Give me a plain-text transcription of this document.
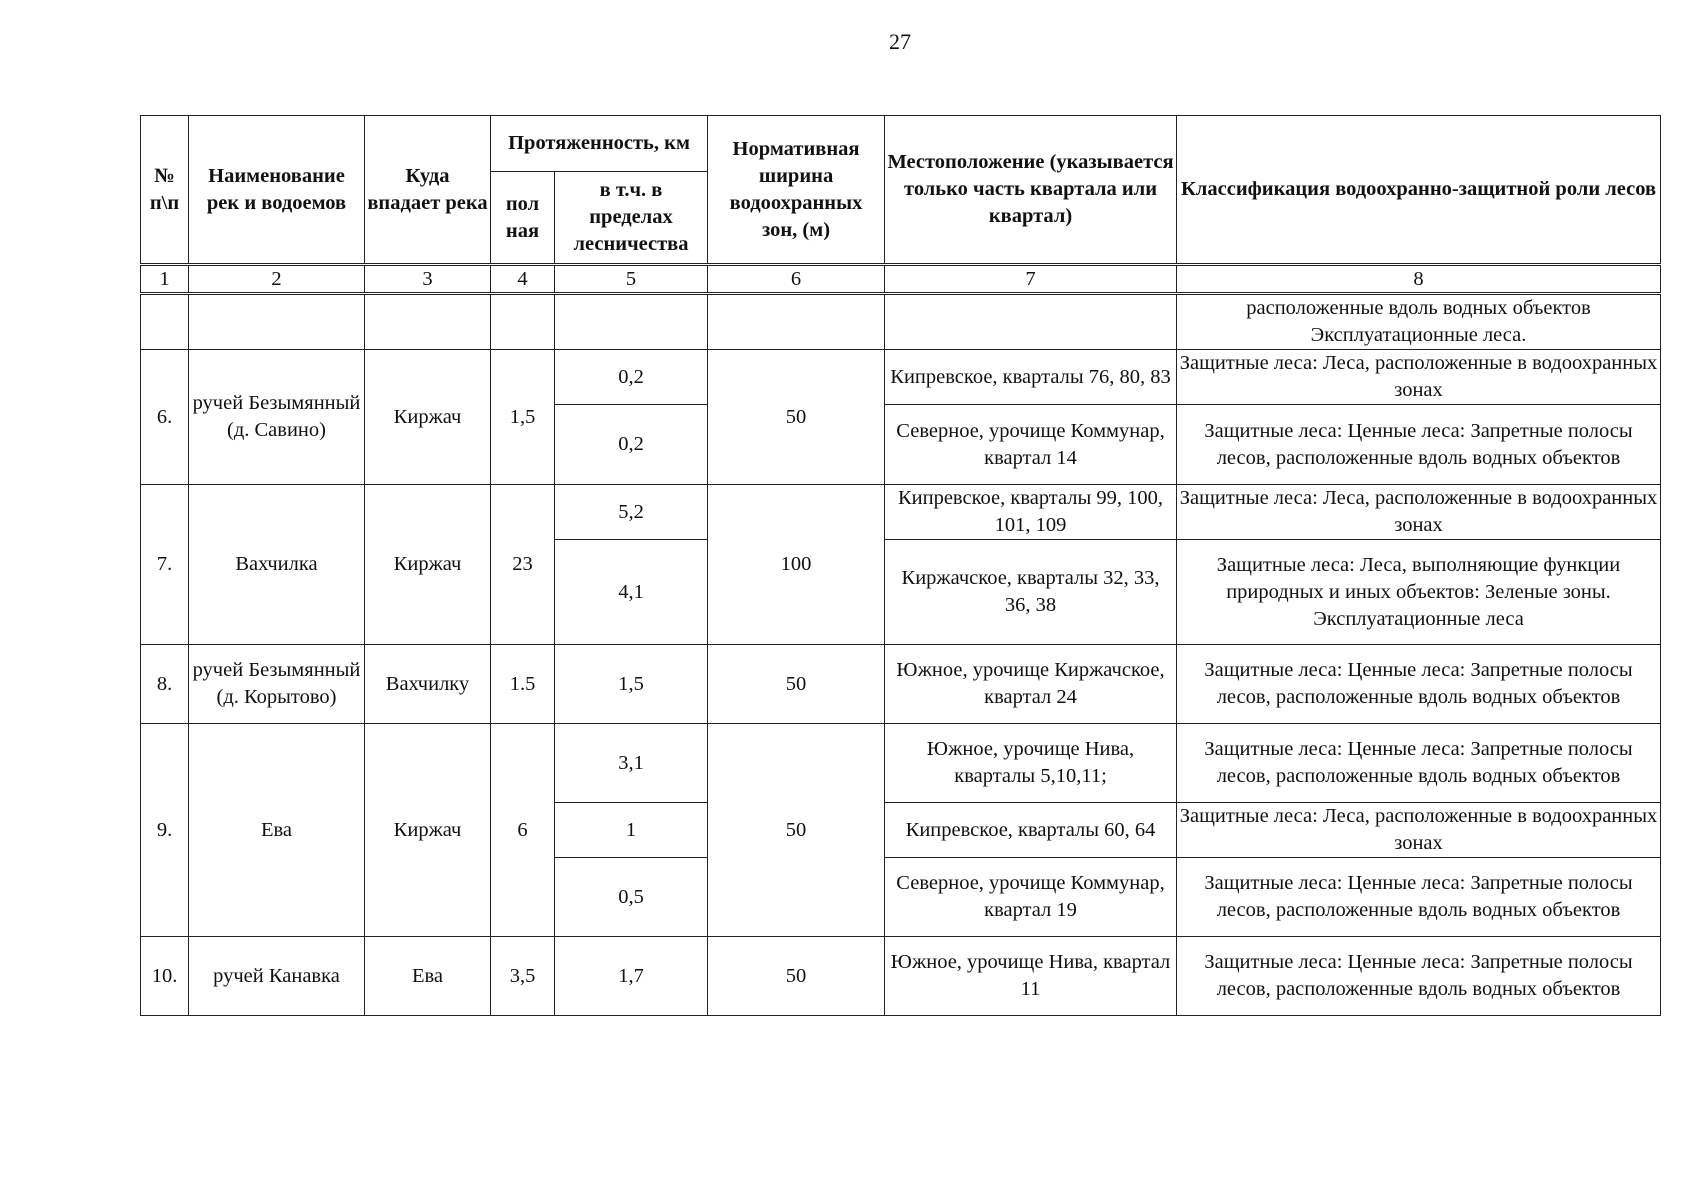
27
№ п\п	Наименование рек и водоемов	Куда впадает река	Протяженность, км		Нормативная ширина водоохранных зон, (м)	Местоположение (указывается только часть квартала или квартал)	Классификация водоохранно-защитной роли лесов
			пол ная	в т.ч. в пределах лесничества			
1	2	3	4	5	6	7	8
							расположенные вдоль водных объектов Эксплуатационные леса.
6.	ручей Безымянный (д. Савино)	Киржач	1,5	0,2	50	Кипревское, кварталы 76, 80, 83	Защитные леса: Леса, расположенные в водоохранных зонах
				0,2		Северное, урочище Коммунар, квартал 14	Защитные леса: Ценные леса: Запретные полосы лесов, расположенные вдоль водных объектов
7.	Вахчилка	Киржач	23	5,2	100	Кипревское, кварталы 99, 100, 101, 109	Защитные леса: Леса, расположенные в водоохранных зонах
				4,1		Киржачское, кварталы 32, 33, 36, 38	Защитные леса: Леса, выполняющие функции природных и иных объектов: Зеленые зоны. Эксплуатационные леса
8.	ручей Безымянный (д. Корытово)	Вахчилку	1.5	1,5	50	Южное, урочище Киржачское, квартал 24	Защитные леса: Ценные леса: Запретные полосы лесов, расположенные вдоль водных объектов
9.	Ева	Киржач	6	3,1	50	Южное, урочище Нива, кварталы 5,10,11;	Защитные леса: Ценные леса: Запретные полосы лесов, расположенные вдоль водных объектов
				1		Кипревское, кварталы 60, 64	Защитные леса: Леса, расположенные в водоохранных зонах
				0,5		Северное, урочище Коммунар, квартал 19	Защитные леса: Ценные леса: Запретные полосы лесов, расположенные вдоль водных объектов
10.	ручей Канавка	Ева	3,5	1,7	50	Южное, урочище Нива, квартал 11	Защитные леса: Ценные леса: Запретные полосы лесов, расположенные вдоль водных объектов
